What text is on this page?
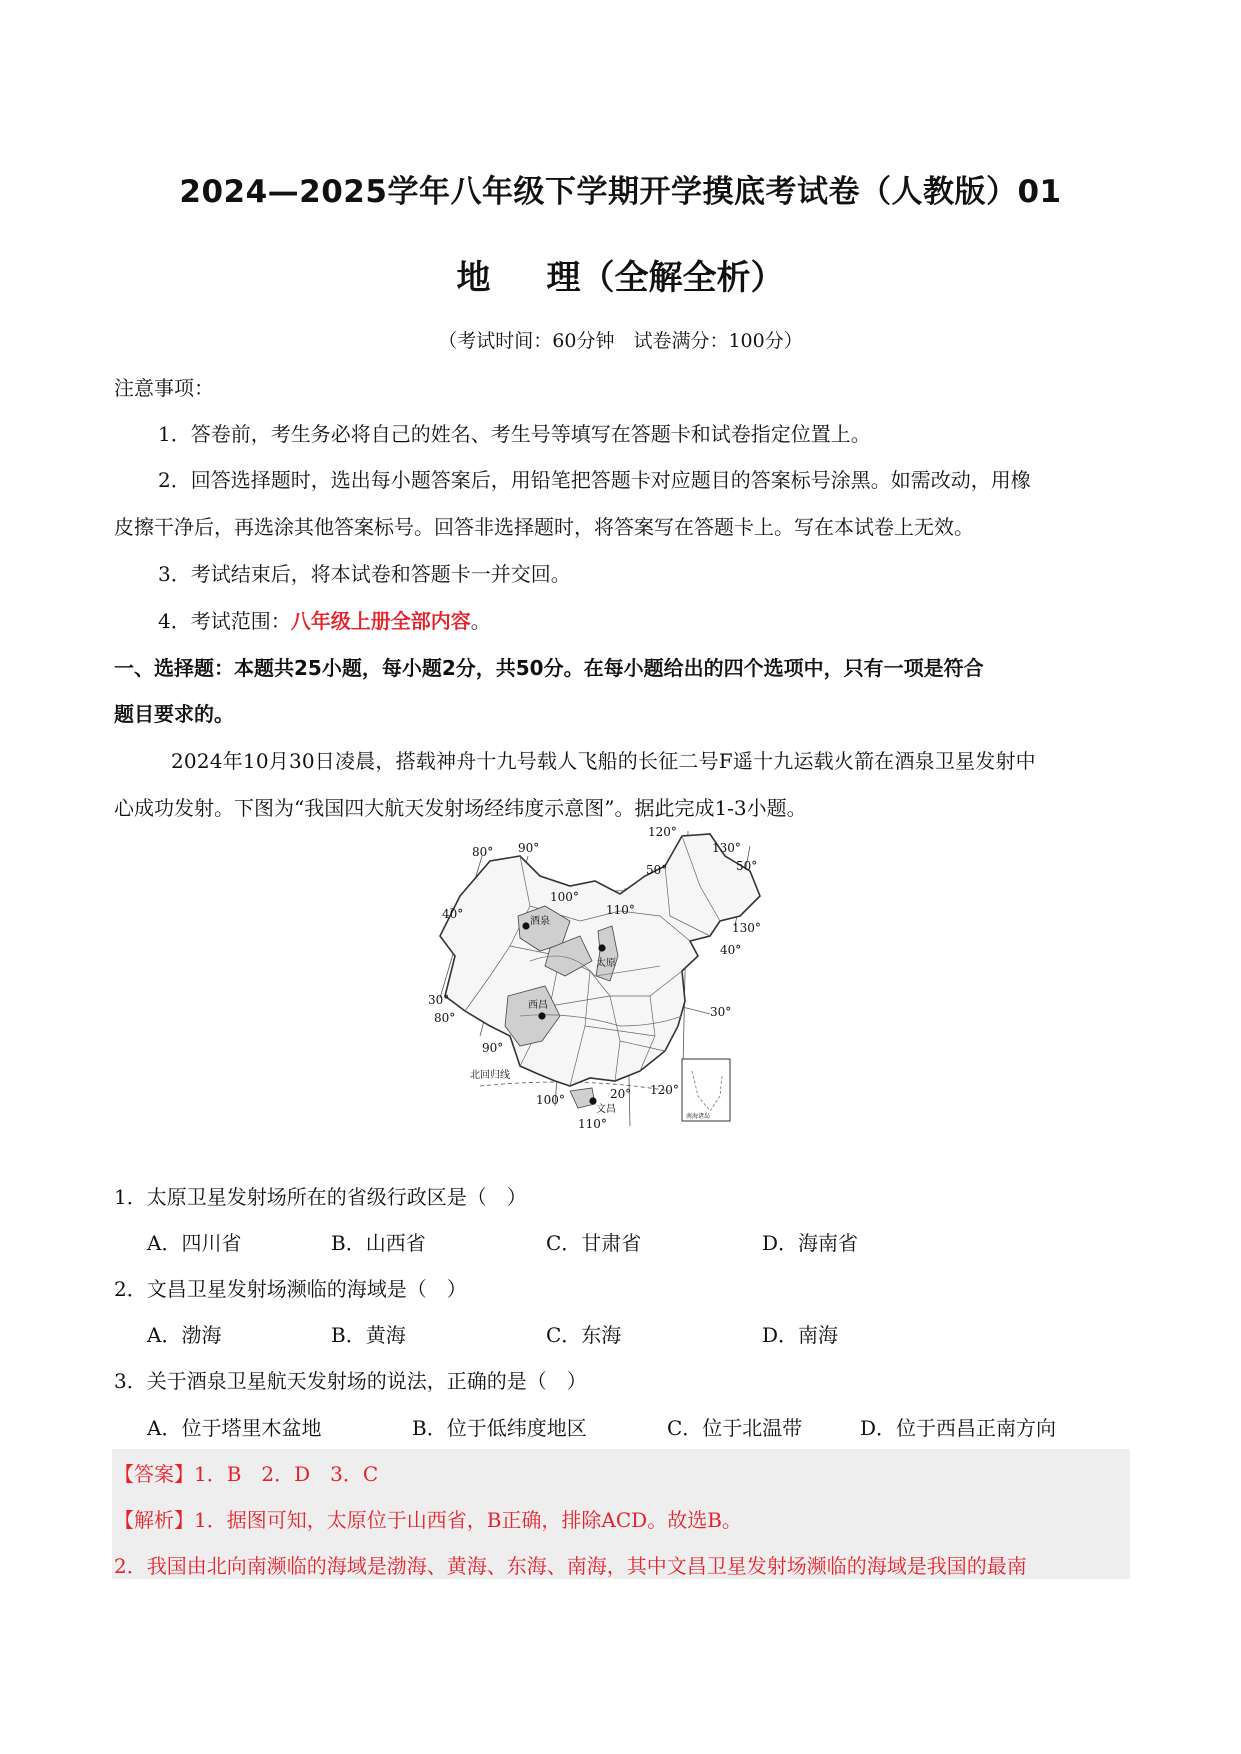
2024—2025学年八年级下学期开学摸底考试卷（人教版）01
地 理（全解全析）
（考试时间：60分钟　试卷满分：100分）
注意事项：
1．答卷前，考生务必将自己的姓名、考生号等填写在答题卡和试卷指定位置上。
2．回答选择题时，选出每小题答案后，用铅笔把答题卡对应题目的答案标号涂黑。如需改动，用橡
皮擦干净后，再选涂其他答案标号。回答非选择题时，将答案写在答题卡上。写在本试卷上无效。
3．考试结束后，将本试卷和答题卡一并交回。
4．考试范围：八年级上册全部内容。
一、选择题：本题共25小题，每小题2分，共50分。在每小题给出的四个选项中，只有一项是符合
题目要求的。
2024年10月30日凌晨，搭载神舟十九号载人飞船的长征二号F遥十九运载火箭在酒泉卫星发射中
心成功发射。下图为“我国四大航天发射场经纬度示意图”。据此完成1-3小题。
40°
80° 90°
100°
110°
120°
130°
50°
50°
130°
40°
30°
80°
90°
30°
100°	20° 120°
110°
酒泉
太原
西昌
文昌
北回归线
南海诸岛
1．太原卫星发射场所在的省级行政区是（　）
A．四川省	B．山西省	C．甘肃省	D．海南省
2．文昌卫星发射场濒临的海域是（　）
A．渤海	B．黄海	C．东海	D．南海
3．关于酒泉卫星航天发射场的说法，正确的是（　）
A．位于塔里木盆地	B．位于低纬度地区	C．位于北温带	D．位于西昌正南方向
【答案】1．B　2．D　3．C
【解析】1．据图可知，太原位于山西省，B正确，排除ACD。故选B。
2．我国由北向南濒临的海域是渤海、黄海、东海、南海，其中文昌卫星发射场濒临的海域是我国的最南
